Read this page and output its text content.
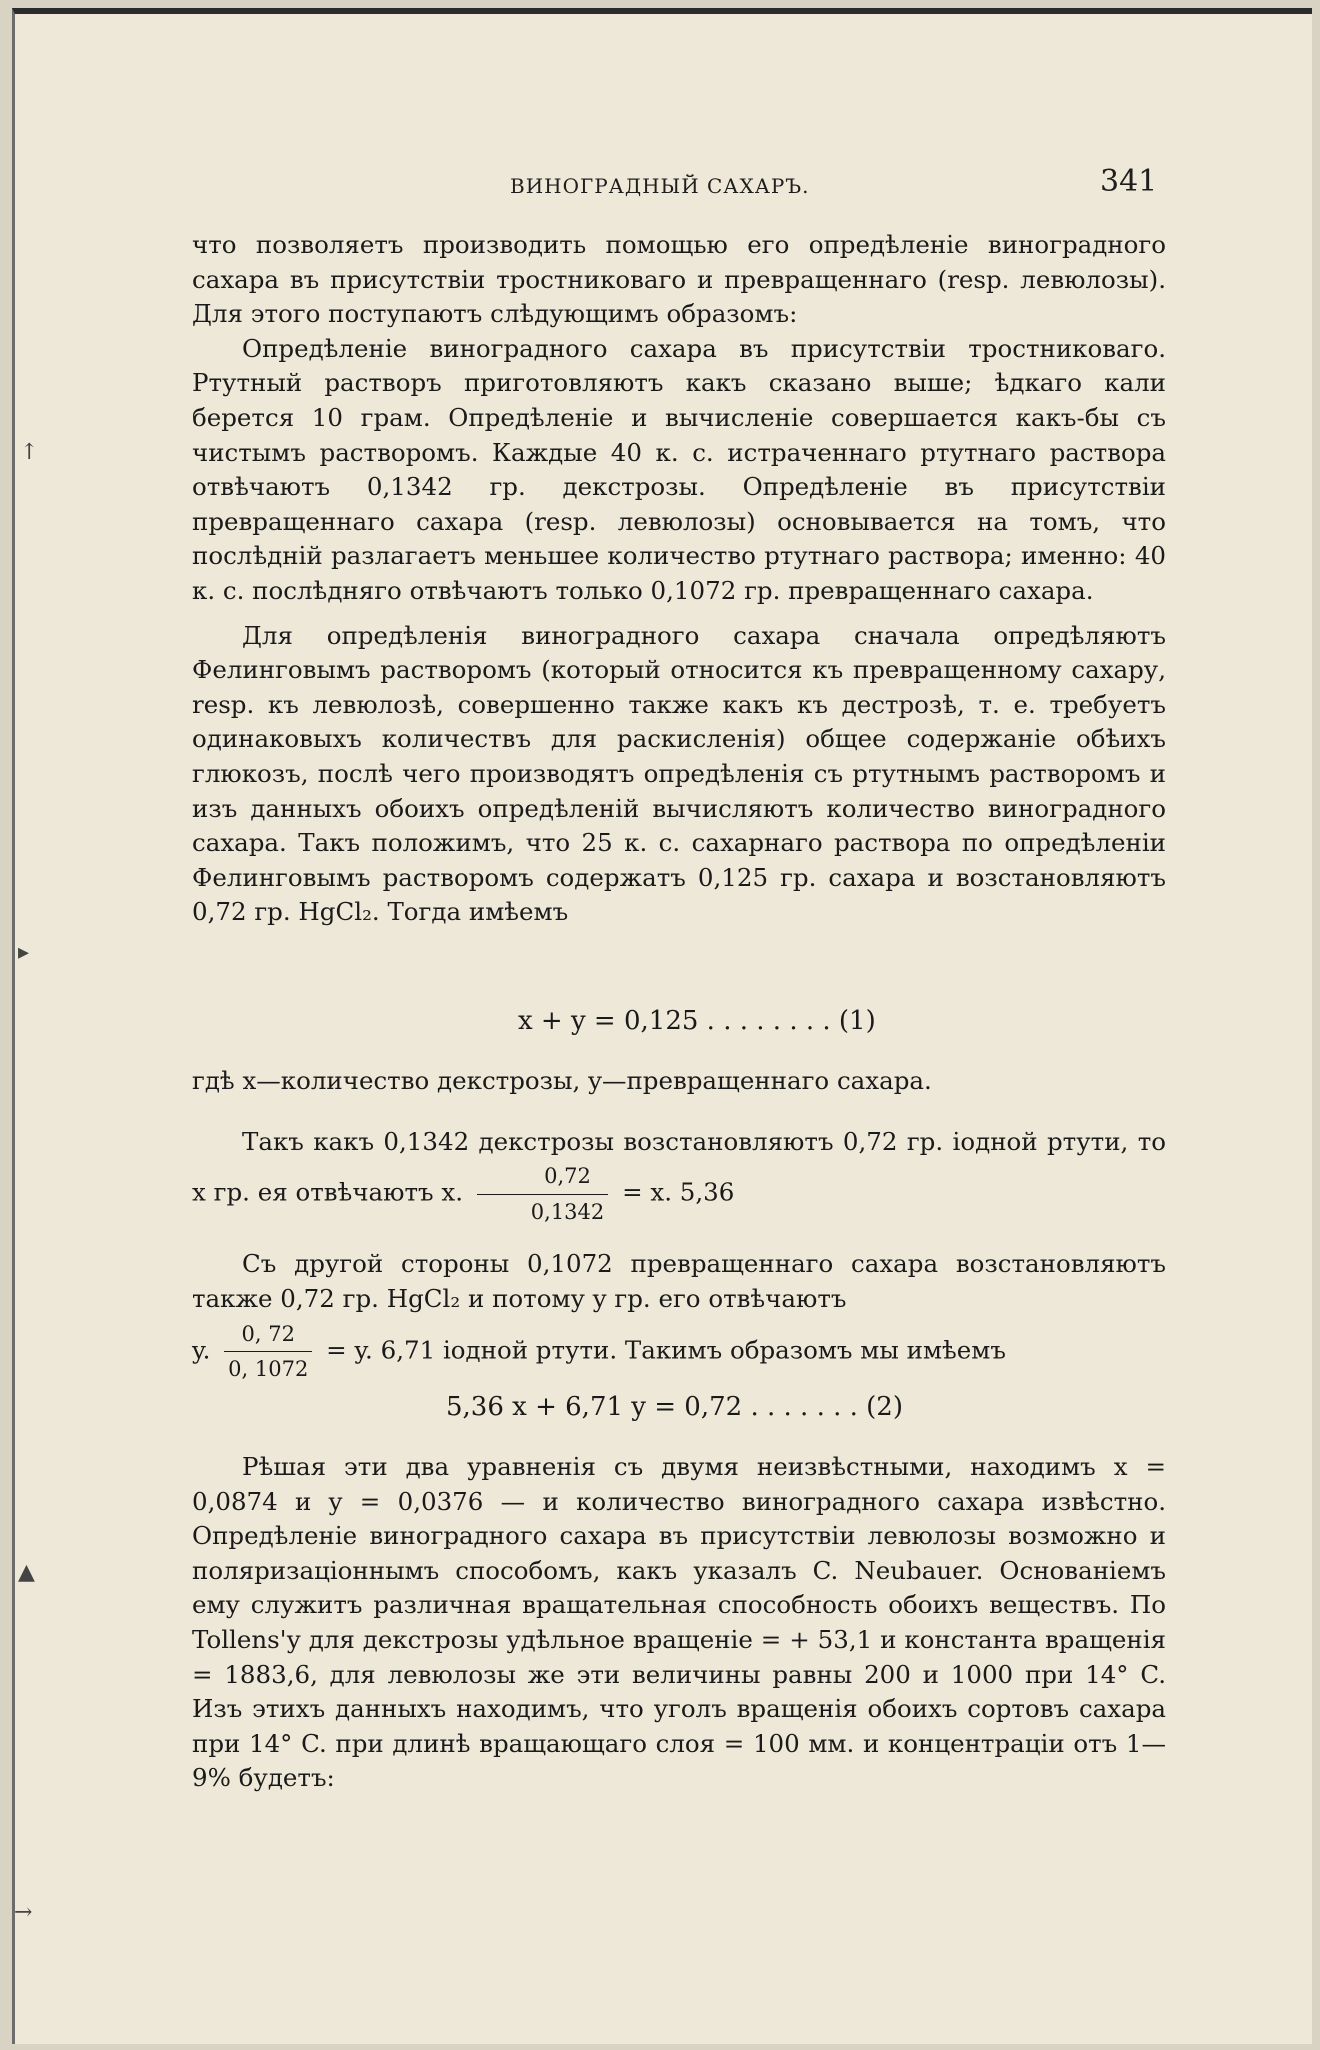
ВИНОГРАДНЫЙ САХАРЪ.	341

что позволяетъ производить помощью его опредѣленіе виноградного сахара въ присутствіи тростниковаго и превращеннаго (resp. левюлозы). Для этого поступаютъ слѣдующимъ образомъ:

Опредѣленіе виноградного сахара въ присутствіи тростниковаго. Ртутный растворъ приготовляютъ какъ сказано выше; ѣдкаго кали берется 10 грам. Опредѣленіе и вычисленіе совершается какъ-бы съ чистымъ растворомъ. Каждые 40 к. с. истраченнаго ртутнаго раствора отвѣчаютъ 0,1342 гр. декстрозы. Опредѣленіе въ присутствіи превращеннаго сахара (resp. левюлозы) основывается на томъ, что послѣдній разлагаетъ меньшее количество ртутнаго раствора; именно: 40 к. с. послѣдняго отвѣчаютъ только 0,1072 гр. превращеннаго сахара.

Для опредѣленія виноградного сахара сначала опредѣляютъ Фелинговымъ растворомъ (который относится къ превращенному сахару, resp. къ левюлозѣ, совершенно также какъ къ дестрозѣ, т. е. требуетъ одинаковыхъ количествъ для раскисленія) общее содержаніе обѣихъ глюкозъ, послѣ чего производятъ опредѣленія съ ртутнымъ растворомъ и изъ данныхъ обоихъ опредѣленій вычисляютъ количество виноградного сахара. Такъ положимъ, что 25 к. с. сахарнаго раствора по опредѣленіи Фелинговымъ растворомъ содержатъ 0,125 гр. сахара и возстановляютъ 0,72 гр. HgCl₂. Тогда имѣемъ

x + y = 0,125 . . . . . . . . (1)

гдѣ x—количество декстрозы, y—превращеннаго сахара.

Такъ какъ 0,1342 декстрозы возстановляютъ 0,72 гр. іодной ртути, то x гр. ея отвѣчаютъ x. $\frac{0,72}{0,1342} = x$. 5,36

Съ другой стороны 0,1072 превращеннаго сахара возстановляютъ также 0,72 гр. HgCl₂ и потому y гр. его отвѣчаютъ

y. $\frac{0, 72}{0, 1072} = y$. 6,71 іодной ртути. Такимъ образомъ мы имѣемъ

5,36 x + 6,71 y = 0,72 . . . . . . . (2)

Рѣшая эти два уравненія съ двумя неизвѣстными, находимъ x = 0,0874 и y = 0,0376 — и количество виноградного сахара извѣстно. Опредѣленіе виноградного сахара въ присутствіи левюлозы возможно и поляризаціоннымъ способомъ, какъ указалъ C. Neubauer. Основаніемъ ему служитъ различная вращательная способность обоихъ веществъ. По Tollens'у для декстрозы удѣльное вращеніе = + 53,1 и константа вращенія = 1883,6, для левюлозы же эти величины равны 200 и 1000 при 14° C. Изъ этихъ данныхъ находимъ, что уголъ вращенія обоихъ сортовъ сахара при 14° C. при длинѣ вращающаго слоя = 100 мм. и концентраціи отъ 1—9% будетъ:

↑
▸
▲
→
